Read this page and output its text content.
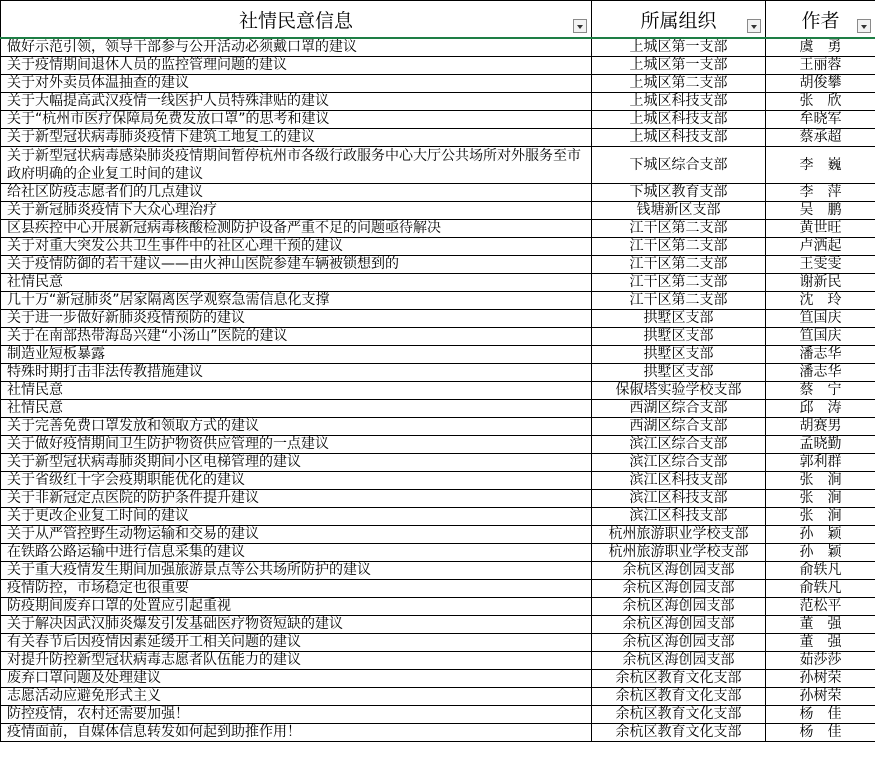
社情民意信息	所属组织	作者

做好示范引领，领导干部参与公开活动必须戴口罩的建议	上城区第一支部	虞　勇
关于疫情期间退休人员的监控管理问题的建议	上城区第一支部	王丽蓉
关于对外卖员体温抽查的建议	上城区第二支部	胡俊攀
关于大幅提高武汉疫情一线医护人员特殊津贴的建议	上城区科技支部	张　欣
关于“杭州市医疗保障局免费发放口罩”的思考和建议	上城区科技支部	牟晓军
关于新型冠状病毒肺炎疫情下建筑工地复工的建议	上城区科技支部	蔡承超
关于新型冠状病毒感染肺炎疫情期间暂停杭州市各级行政服务中心大厅公共场所对外服务至市政府明确的企业复工时间的建议	下城区综合支部	李　巍
给社区防疫志愿者们的几点建议	下城区教育支部	李　萍
关于新冠肺炎疫情下大众心理治疗	钱塘新区支部	吴　鹏
区县疾控中心开展新冠病毒核酸检测防护设备严重不足的问题亟待解决	江干区第二支部	黄世旺
关于对重大突发公共卫生事件中的社区心理干预的建议	江干区第二支部	卢洒起
关于疫情防御的若干建议——由火神山医院参建车辆被锁想到的	江干区第二支部	王雯雯
社情民意	江干区第二支部	谢新民
几十万“新冠肺炎”居家隔离医学观察急需信息化支撑	江干区第二支部	沈　玲
关于进一步做好新肺炎疫情预防的建议	拱墅区支部	笪国庆
关于在南部热带海岛兴建“小汤山”医院的建议	拱墅区支部	笪国庆
制造业短板暴露	拱墅区支部	潘志华
特殊时期打击非法传教措施建议	拱墅区支部	潘志华
社情民意	保俶塔实验学校支部	蔡　宁
社情民意	西湖区综合支部	邱　涛
关于完善免费口罩发放和领取方式的建议	西湖区综合支部	胡赛男
关于做好疫情期间卫生防护物资供应管理的一点建议	滨江区综合支部	孟晓勤
关于新型冠状病毒肺炎期间小区电梯管理的建议	滨江区综合支部	郭利群
关于省级红十字会疫期职能优化的建议	滨江区科技支部	张　涧
关于非新冠定点医院的防护条件提升建议	滨江区科技支部	张　涧
关于更改企业复工时间的建议	滨江区科技支部	张　涧
关于从严管控野生动物运输和交易的建议	杭州旅游职业学校支部	孙　颖
在铁路公路运输中进行信息采集的建议	杭州旅游职业学校支部	孙　颖
关于重大疫情发生期间加强旅游景点等公共场所防护的建议	余杭区海创园支部	俞轶凡
疫情防控，市场稳定也很重要	余杭区海创园支部	俞轶凡
防疫期间废弃口罩的处置应引起重视	余杭区海创园支部	范松平
关于解决因武汉肺炎爆发引发基础医疗物资短缺的建议	余杭区海创园支部	董　强
有关春节后因疫情因素延缓开工相关问题的建议	余杭区海创园支部	董　强
对提升防控新型冠状病毒志愿者队伍能力的建议	余杭区海创园支部	茹莎莎
废弃口罩问题及处理建议	余杭区教育文化支部	孙树荣
志愿活动应避免形式主义	余杭区教育文化支部	孙树荣
防控疫情，农村还需要加强！	余杭区教育文化支部	杨　佳
疫情面前，自媒体信息转发如何起到助推作用！	余杭区教育文化支部	杨　佳
